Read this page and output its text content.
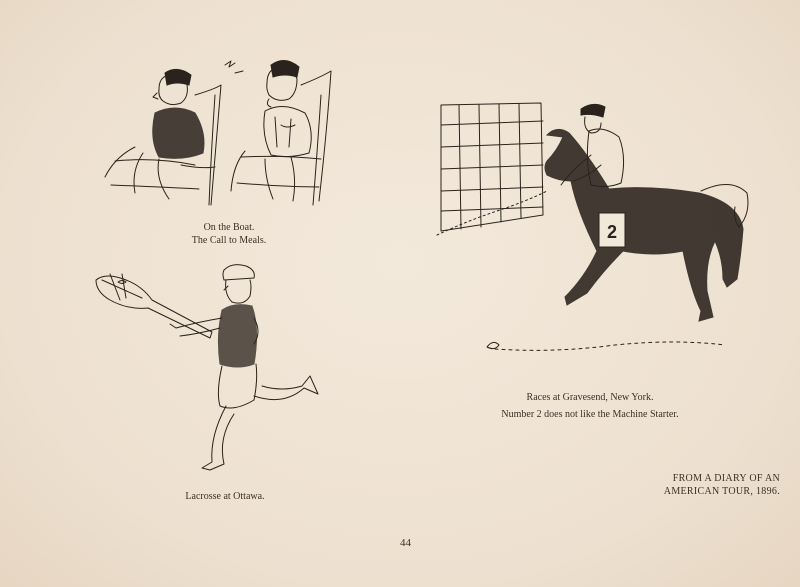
On the Boat.
The Call to Meals.
Lacrosse at Ottawa.
2
Races at Gravesend, New York.
Number 2 does not like the Machine Starter.
FROM A DIARY OF AN
AMERICAN TOUR, 1896.
44
